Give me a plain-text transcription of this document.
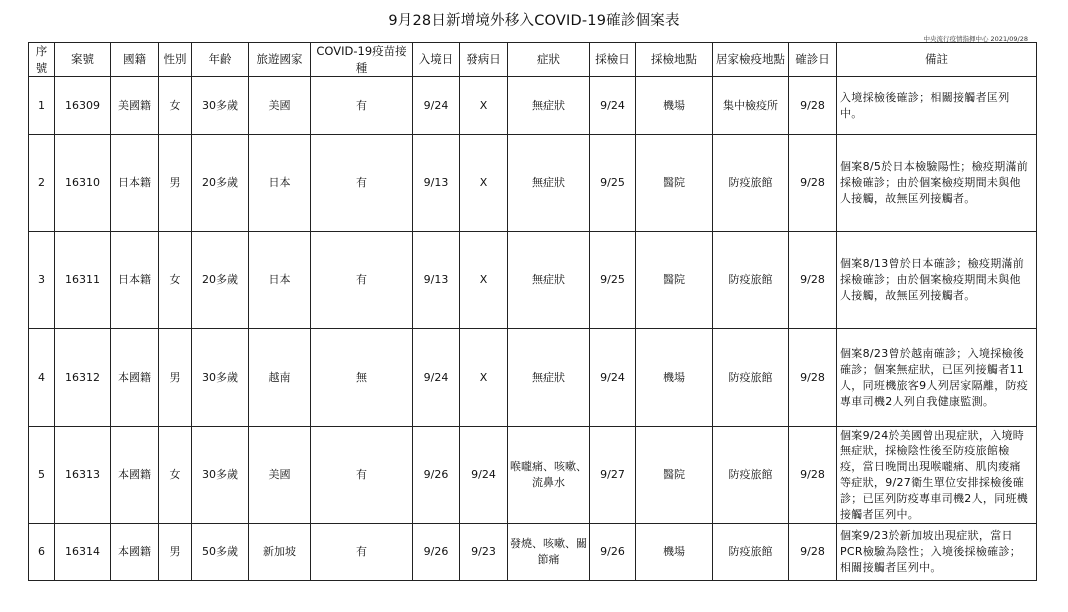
9月28日新增境外移入COVID-19確診個案表
中央流行疫情指揮中心 2021/09/28
序號	案號	國籍	性別	年齡	旅遊國家	COVID-19疫苗接種	入境日	發病日	症狀	採檢日	採檢地點	居家檢疫地點	確診日	備註
1	16309	美國籍	女	30多歲	美國	有	9/24	X	無症狀	9/24	機場	集中檢疫所	9/28	入境採檢後確診；相關接觸者匡列中。
2	16310	日本籍	男	20多歲	日本	有	9/13	X	無症狀	9/25	醫院	防疫旅館	9/28	個案8/5於日本檢驗陽性；檢疫期滿前採檢確診；由於個案檢疫期間未與他人接觸，故無匡列接觸者。
3	16311	日本籍	女	20多歲	日本	有	9/13	X	無症狀	9/25	醫院	防疫旅館	9/28	個案8/13曾於日本確診；檢疫期滿前採檢確診；由於個案檢疫期間未與他人接觸，故無匡列接觸者。
4	16312	本國籍	男	30多歲	越南	無	9/24	X	無症狀	9/24	機場	防疫旅館	9/28	個案8/23曾於越南確診；入境採檢後確診；個案無症狀，已匡列接觸者11人，同班機旅客9人列居家隔離，防疫專車司機2人列自我健康監測。
5	16313	本國籍	女	30多歲	美國	有	9/26	9/24	喉嚨痛、咳嗽、流鼻水	9/27	醫院	防疫旅館	9/28	個案9/24於美國曾出現症狀，入境時無症狀，採檢陰性後至防疫旅館檢疫，當日晚間出現喉嚨痛、肌肉痠痛等症狀，9/27衛生單位安排採檢後確診；已匡列防疫專車司機2人，同班機接觸者匡列中。
6	16314	本國籍	男	50多歲	新加坡	有	9/26	9/23	發燒、咳嗽、關節痛	9/26	機場	防疫旅館	9/28	個案9/23於新加坡出現症狀，當日PCR檢驗為陰性；入境後採檢確診；相關接觸者匡列中。
